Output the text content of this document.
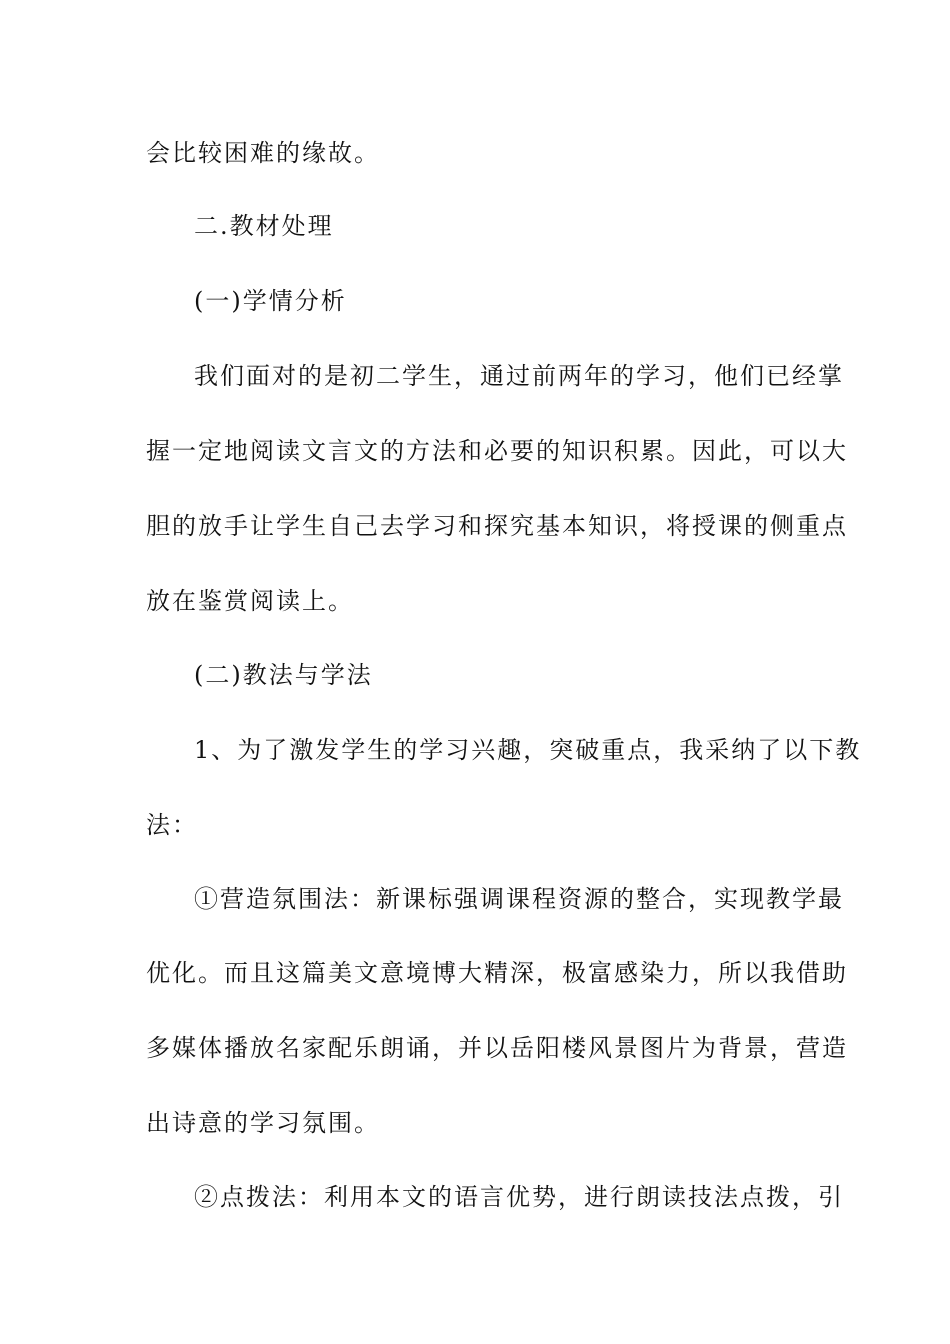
会比较困难的缘故。
二.教材处理
(一)学情分析
我们面对的是初二学生，通过前两年的学习，他们已经掌
握一定地阅读文言文的方法和必要的知识积累。因此，可以大
胆的放手让学生自己去学习和探究基本知识，将授课的侧重点
放在鉴赏阅读上。
(二)教法与学法
1、为了激发学生的学习兴趣，突破重点，我采纳了以下教
法：
①营造氛围法：新课标强调课程资源的整合，实现教学最
优化。而且这篇美文意境博大精深，极富感染力，所以我借助
多媒体播放名家配乐朗诵，并以岳阳楼风景图片为背景，营造
出诗意的学习氛围。
②点拨法：利用本文的语言优势，进行朗读技法点拨，引
